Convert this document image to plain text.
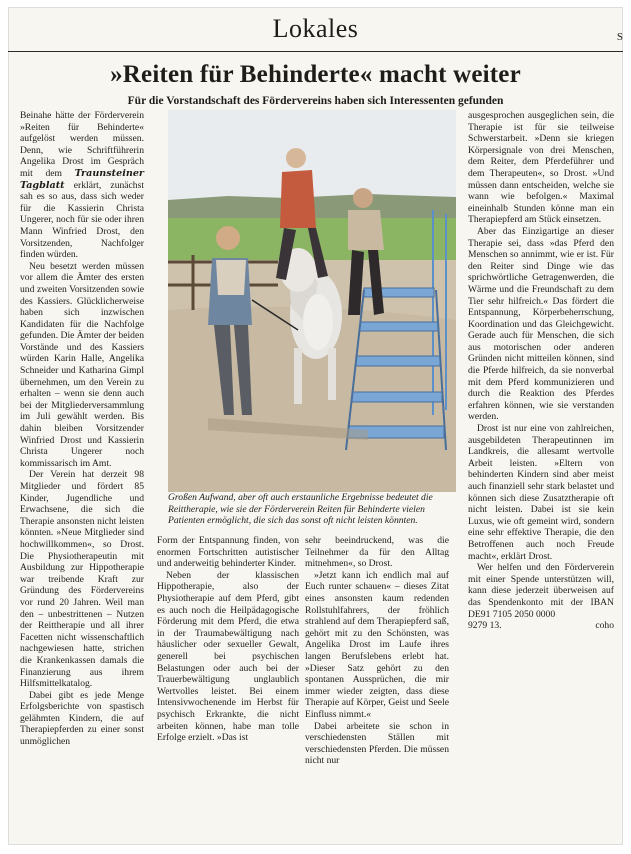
Lokales	S
»Reiten für Behinderte« macht weiter
Für die Vorstandschaft des Fördervereins haben sich Interessenten gefunden

Beinahe hätte der Förderverein »Reiten für Behinderte« aufgelöst werden müssen. Denn, wie Schriftführerin Angelika Drost im Gespräch mit dem Traunsteiner Tagblatt erklärt, zunächst sah es so aus, dass sich weder für die Kassierin Christa Ungerer, noch für sie oder ihren Mann Winfried Drost, den Vorsitzenden, Nachfolger finden würden.

Neu besetzt werden müssen vor allem die Ämter des ersten und zweiten Vorsitzenden sowie des Kassiers. Glücklicherweise haben sich inzwischen Kandidaten für die Nachfolge gefunden. Die Ämter der beiden Vorstände und des Kassiers würden Karin Halle, Angelika Schneider und Katharina Gimpl übernehmen, um den Verein zu erhalten – wenn sie denn auch bei der Mitgliederversammlung im Juli gewählt werden. Bis dahin bleiben Vorsitzender Winfried Drost und Kassierin Christa Ungerer noch kommissarisch im Amt.

Der Verein hat derzeit 98 Mitglieder und fördert 85 Kinder, Jugendliche und Erwachsene, die sich die Therapie ansonsten nicht leisten könnten. »Neue Mitglieder sind hochwillkommen«, so Drost. Die Physiotherapeutin mit Ausbildung zur Hippotherapie war treibende Kraft zur Gründung des Fördervereins vor rund 20 Jahren. Weil man den – unbestrittenen – Nutzen der Reittherapie und all ihrer Facetten nicht wissenschaftlich nachgewiesen hatte, strichen die Krankenkassen damals die Finanzierung aus ihrem Hilfsmittelkatalog.

Dabei gibt es jede Menge Erfolgsberichte von spastisch gelähmten Kindern, die auf Therapiepferden zu einer sonst unmöglichen

Großen Aufwand, aber oft auch erstaunliche Ergebnisse bedeutet die Reittherapie, wie sie der Förderverein Reiten für Behinderte vielen Patienten ermöglicht, die sich das sonst oft nicht leisten könnten.

Form der Entspannung finden, von enormen Fortschritten autistischer und anderweitig behinderter Kinder.

Neben der klassischen Hippotherapie, also der Physiotherapie auf dem Pferd, gibt es auch noch die Heilpädagogische Förderung mit dem Pferd, die etwa in der Traumabewältigung nach häuslicher oder sexueller Gewalt, generell bei psychischen Belastungen oder auch bei der Trauerbewältigung unglaublich Wertvolles leistet. Bei einem Intensivwochenende im Herbst für psychisch Erkrankte, die nicht arbeiten können, habe man tolle Erfolge erzielt. »Das ist

sehr beeindruckend, was die Teilnehmer da für den Alltag mitnehmen«, so Drost.

»Jetzt kann ich endlich mal auf Euch runter schauen« – dieses Zitat eines ansonsten kaum redenden Rollstuhlfahrers, der fröhlich strahlend auf dem Therapiepferd saß, gehört mit zu den Schönsten, was Angelika Drost im Laufe ihres langen Berufslebens erlebt hat. »Dieser Satz gehört zu den spontanen Aussprüchen, die mir immer wieder zeigten, dass diese Therapie auf Körper, Geist und Seele Einfluss nimmt.«

Dabei arbeitete sie schon in verschiedensten Ställen mit verschiedensten Pferden. Die müssen nicht nur

ausgesprochen ausgeglichen sein, die Therapie ist für sie teilweise Schwerstarbeit. »Denn sie kriegen Körpersignale von drei Menschen, dem Reiter, dem Pferdeführer und dem Therapeuten«, so Drost. »Und müssen dann entscheiden, welche sie wann wie befolgen.« Maximal eineinhalb Stunden könne man ein Therapiepferd am Stück einsetzen.

Aber das Einzigartige an dieser Therapie sei, dass »das Pferd den Menschen so annimmt, wie er ist. Für den Reiter sind Dinge wie das sprichwörtliche Getragenwerden, die Wärme und die Freundschaft zu dem Tier sehr hilfreich.« Das fördert die Entspannung, Körperbeherrschung, Koordination und das Gleichgewicht. Gerade auch für Menschen, die sich aus motorischen oder anderen Gründen nicht mitteilen können, sind die Pferde hilfreich, da sie nonverbal mit dem Pferd kommunizieren und durch die Reaktion des Pferdes erfahren können, wie sie verstanden werden.

Drost ist nur eine von zahlreichen, ausgebildeten Therapeutinnen im Landkreis, die allesamt wertvolle Arbeit leisten. »Eltern von behinderten Kindern sind aber meist auch finanziell sehr stark belastet und können sich diese Zusatztherapie oft nicht leisten. Dabei ist sie kein Luxus, wie oft gemeint wird, sondern eine sehr effektive Therapie, die den Betroffenen auch noch Freude macht«, erklärt Drost.

Wer helfen und den Förderverein mit einer Spende unterstützen will, kann diese jederzeit überweisen auf das Spendenkonto mit der IBAN DE91 7105 2050 0000

9279 13.	coho
